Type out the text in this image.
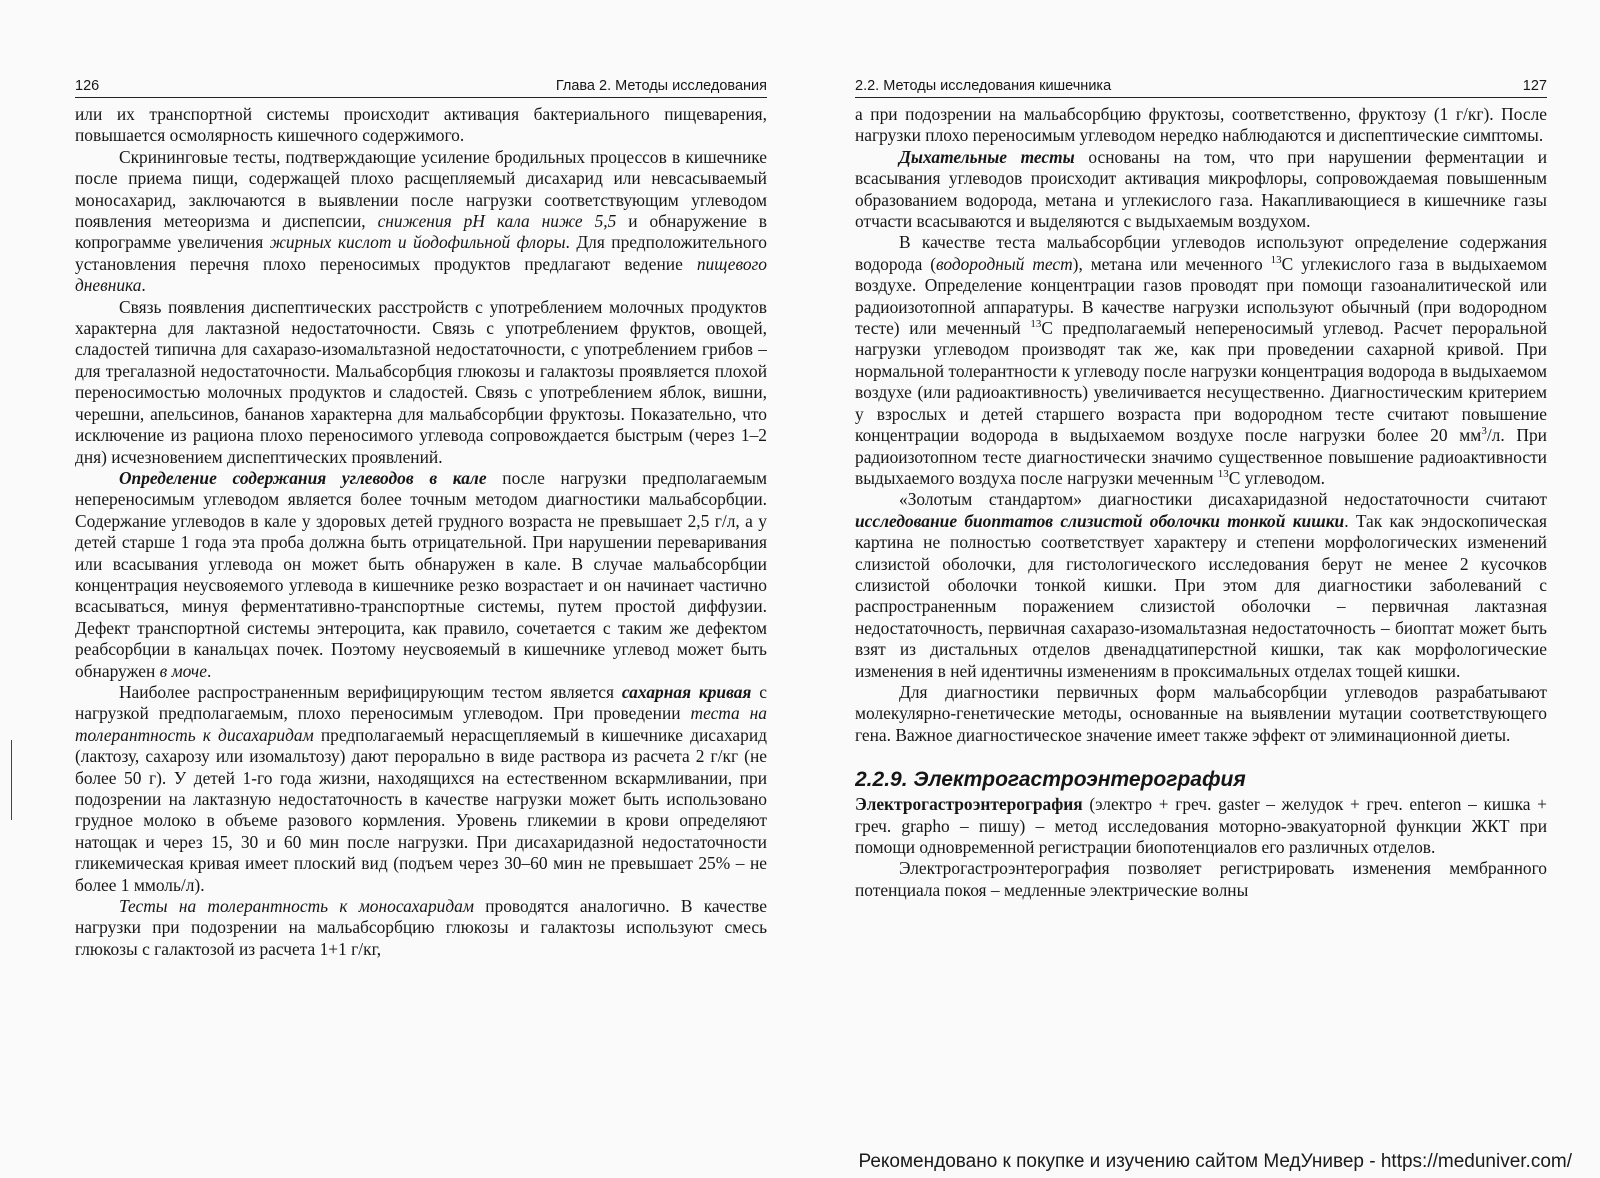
126	Глава 2. Методы исследования

или их транспортной системы происходит активация бактериального пищеварения, повышается осмолярность кишечного содержимого.

Скрининговые тесты, подтверждающие усиление бродильных процессов в кишечнике после приема пищи, содержащей плохо расщепляемый дисахарид или невсасываемый моносахарид, заключаются в выявлении после нагрузки соответствующим углеводом появления метеоризма и диспепсии, снижения pH кала ниже 5,5 и обнаружение в копрограмме увеличения жирных кислот и йодофильной флоры. Для предположительного установления перечня плохо переносимых продуктов предлагают ведение пищевого дневника.

Связь появления диспептических расстройств с употреблением молочных продуктов характерна для лактазной недостаточности. Связь с употреблением фруктов, овощей, сладостей типична для сахаразо-изомальтазной недостаточности, с употреблением грибов – для трегалазной недостаточности. Мальабсорбция глюкозы и галактозы проявляется плохой переносимостью молочных продуктов и сладостей. Связь с употреблением яблок, вишни, черешни, апельсинов, бананов характерна для мальабсорбции фруктозы. Показательно, что исключение из рациона плохо переносимого углевода сопровождается быстрым (через 1–2 дня) исчезновением диспептических проявлений.

Определение содержания углеводов в кале после нагрузки предполагаемым непереносимым углеводом является более точным методом диагностики мальабсорбции. Содержание углеводов в кале у здоровых детей грудного возраста не превышает 2,5 г/л, а у детей старше 1 года эта проба должна быть отрицательной. При нарушении переваривания или всасывания углевода он может быть обнаружен в кале. В случае мальабсорбции концентрация неусвояемого углевода в кишечнике резко возрастает и он начинает частично всасываться, минуя ферментативно-транспортные системы, путем простой диффузии. Дефект транспортной системы энтероцита, как правило, сочетается с таким же дефектом реабсорбции в канальцах почек. Поэтому неусвояемый в кишечнике углевод может быть обнаружен в моче.

Наиболее распространенным верифицирующим тестом является сахарная кривая с нагрузкой предполагаемым, плохо переносимым углеводом. При проведении теста на толерантность к дисахаридам предполагаемый нерасщепляемый в кишечнике дисахарид (лактозу, сахарозу или изомальтозу) дают перорально в виде раствора из расчета 2 г/кг (не более 50 г). У детей 1-го года жизни, находящихся на естественном вскармливании, при подозрении на лактазную недостаточность в качестве нагрузки может быть использовано грудное молоко в объеме разового кормления. Уровень гликемии в крови определяют натощак и через 15, 30 и 60 мин после нагрузки. При дисахаридазной недостаточности гликемическая кривая имеет плоский вид (подъем через 30–60 мин не превышает 25% – не более 1 ммоль/л).

Тесты на толерантность к моносахаридам проводятся аналогично. В качестве нагрузки при подозрении на мальабсорбцию глюкозы и галактозы используют смесь глюкозы с галактозой из расчета 1+1 г/кг,

2.2. Методы исследования кишечника	127

а при подозрении на мальабсорбцию фруктозы, соответственно, фруктозу (1 г/кг). После нагрузки плохо переносимым углеводом нередко наблюдаются и диспептические симптомы.

Дыхательные тесты основаны на том, что при нарушении ферментации и всасывания углеводов происходит активация микрофлоры, сопровождаемая повышенным образованием водорода, метана и углекислого газа. Накапливающиеся в кишечнике газы отчасти всасываются и выделяются с выдыхаемым воздухом.

В качестве теста мальабсорбции углеводов используют определение содержания водорода (водородный тест), метана или меченного $^{13}$С углекислого газа в выдыхаемом воздухе. Определение концентрации газов проводят при помощи газоаналитической или радиоизотопной аппаратуры. В качестве нагрузки используют обычный (при водородном тесте) или меченный $^{13}$С предполагаемый непереносимый углевод. Расчет пероральной нагрузки углеводом производят так же, как при проведении сахарной кривой. При нормальной толерантности к углеводу после нагрузки концентрация водорода в выдыхаемом воздухе (или радиоактивность) увеличивается несущественно. Диагностическим критерием у взрослых и детей старшего возраста при водородном тесте считают повышение концентрации водорода в выдыхаемом воздухе после нагрузки более 20 $мм^3/л$. При радиоизотопном тесте диагностически значимо существенное повышение радиоактивности выдыхаемого воздуха после нагрузки меченным $^{13}$С углеводом.

«Золотым стандартом» диагностики дисахаридазной недостаточности считают исследование биоптатов слизистой оболочки тонкой кишки. Так как эндоскопическая картина не полностью соответствует характеру и степени морфологических изменений слизистой оболочки, для гистологического исследования берут не менее 2 кусочков слизистой оболочки тонкой кишки. При этом для диагностики заболеваний с распространенным поражением слизистой оболочки – первичная лактазная недостаточность, первичная сахаразо-изомальтазная недостаточность – биоптат может быть взят из дистальных отделов двенадцатиперстной кишки, так как морфологические изменения в ней идентичны изменениям в проксимальных отделах тощей кишки.

Для диагностики первичных форм мальабсорбции углеводов разрабатывают молекулярно-генетические методы, основанные на выявлении мутации соответствующего гена. Важное диагностическое значение имеет также эффект от элиминационной диеты.

2.2.9. Электрогастроэнтерография

Электрогастроэнтерография (электро + греч. gaster – желудок + греч. enteron – кишка + греч. grapho – пишу) – метод исследования моторно-эвакуаторной функции ЖКТ при помощи одновременной регистрации биопотенциалов его различных отделов.

Электрогастроэнтерография позволяет регистрировать изменения мембранного потенциала покоя – медленные электрические волны

Рекомендовано к покупке и изучению сайтом МедУнивер - https://meduniver.com/
